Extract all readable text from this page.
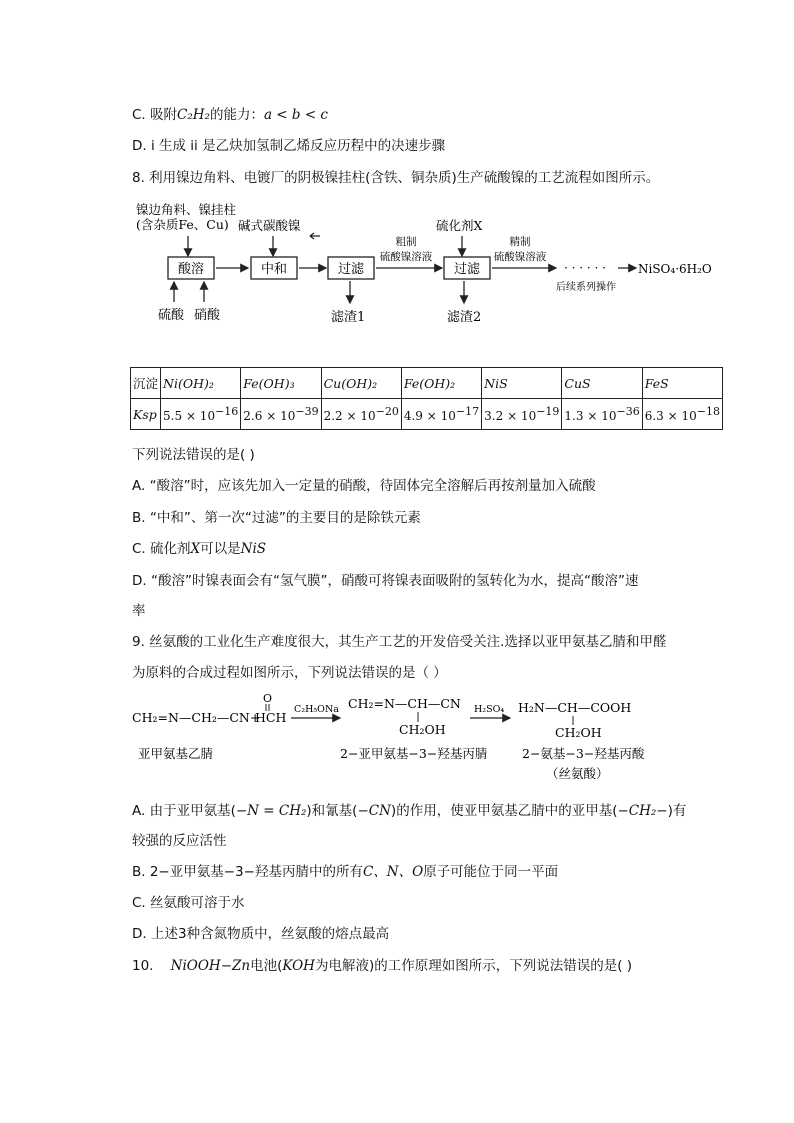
C. 吸附C₂H₂的能力：a < b < c
D. i 生成 ii 是乙炔加氢制乙烯反应历程中的决速步骤
8. 利用镍边角料、电镀厂的阴极镍挂柱(含铁、铜杂质)生产硫酸镍的工艺流程如图所示。
镍边角料、镍挂柱
(含杂质Fe、Cu)
酸溶
碱式碳酸镍
中和	过滤
粗制
硫酸镍溶液
硫化剂X
过滤
精制
硫酸镍溶液
· · · · · ·	NiSO₄·6H₂O
后续系列操作
硫酸 硝酸	滤渣1	滤渣2
沉淀	Ni(OH)₂	Fe(OH)₃	Cu(OH)₂	Fe(OH)₂	NiS	CuS	FeS
Ksp	$5.5 \times 10^{-16}$	$2.6 \times 10^{-39}$	$2.2 \times 10^{-20}$	$4.9 \times 10^{-17}$	$3.2 \times 10^{-19}$	$1.3 \times 10^{-36}$	$6.3 \times 10^{-18}$
下列说法错误的是( )
A. “酸溶”时，应该先加入一定量的硝酸，待固体完全溶解后再按剂量加入硫酸
B. “中和”、第一次“过滤”的主要目的是除铁元素
C. 硫化剂X可以是NiS
D. “酸溶”时镍表面会有“氢气膜”，硝酸可将镍表面吸附的氢转化为水，提高“酸溶”速
率
9. 丝氨酸的工业化生产难度很大，其生产工艺的开发倍受关注.选择以亚甲氨基乙腈和甲醛
为原料的合成过程如图所示，下列说法错误的是（ ）
CH₂=N—CH₂—CN+
O
HCH
C₂H₅ONa CH₂=N—CH—CN
CH₂OH
H₂SO₄ H₂N—CH—COOH
CH₂OH
亚甲氨基乙腈	2−亚甲氨基−3−羟基丙腈	2−氨基−3−羟基丙酸
（丝氨酸）
A. 由于亚甲氨基(−N = CH₂)和氰基(−CN)的作用，使亚甲氨基乙腈中的亚甲基(−CH₂−)有
较强的反应活性
B. 2−亚甲氨基−3−羟基丙腈中的所有C、N、O原子可能位于同一平面
C. 丝氨酸可溶于水
D. 上述3种含氮物质中，丝氨酸的熔点最高
10. NiOOH−Zn电池(KOH为电解液)的工作原理如图所示，下列说法错误的是( )
